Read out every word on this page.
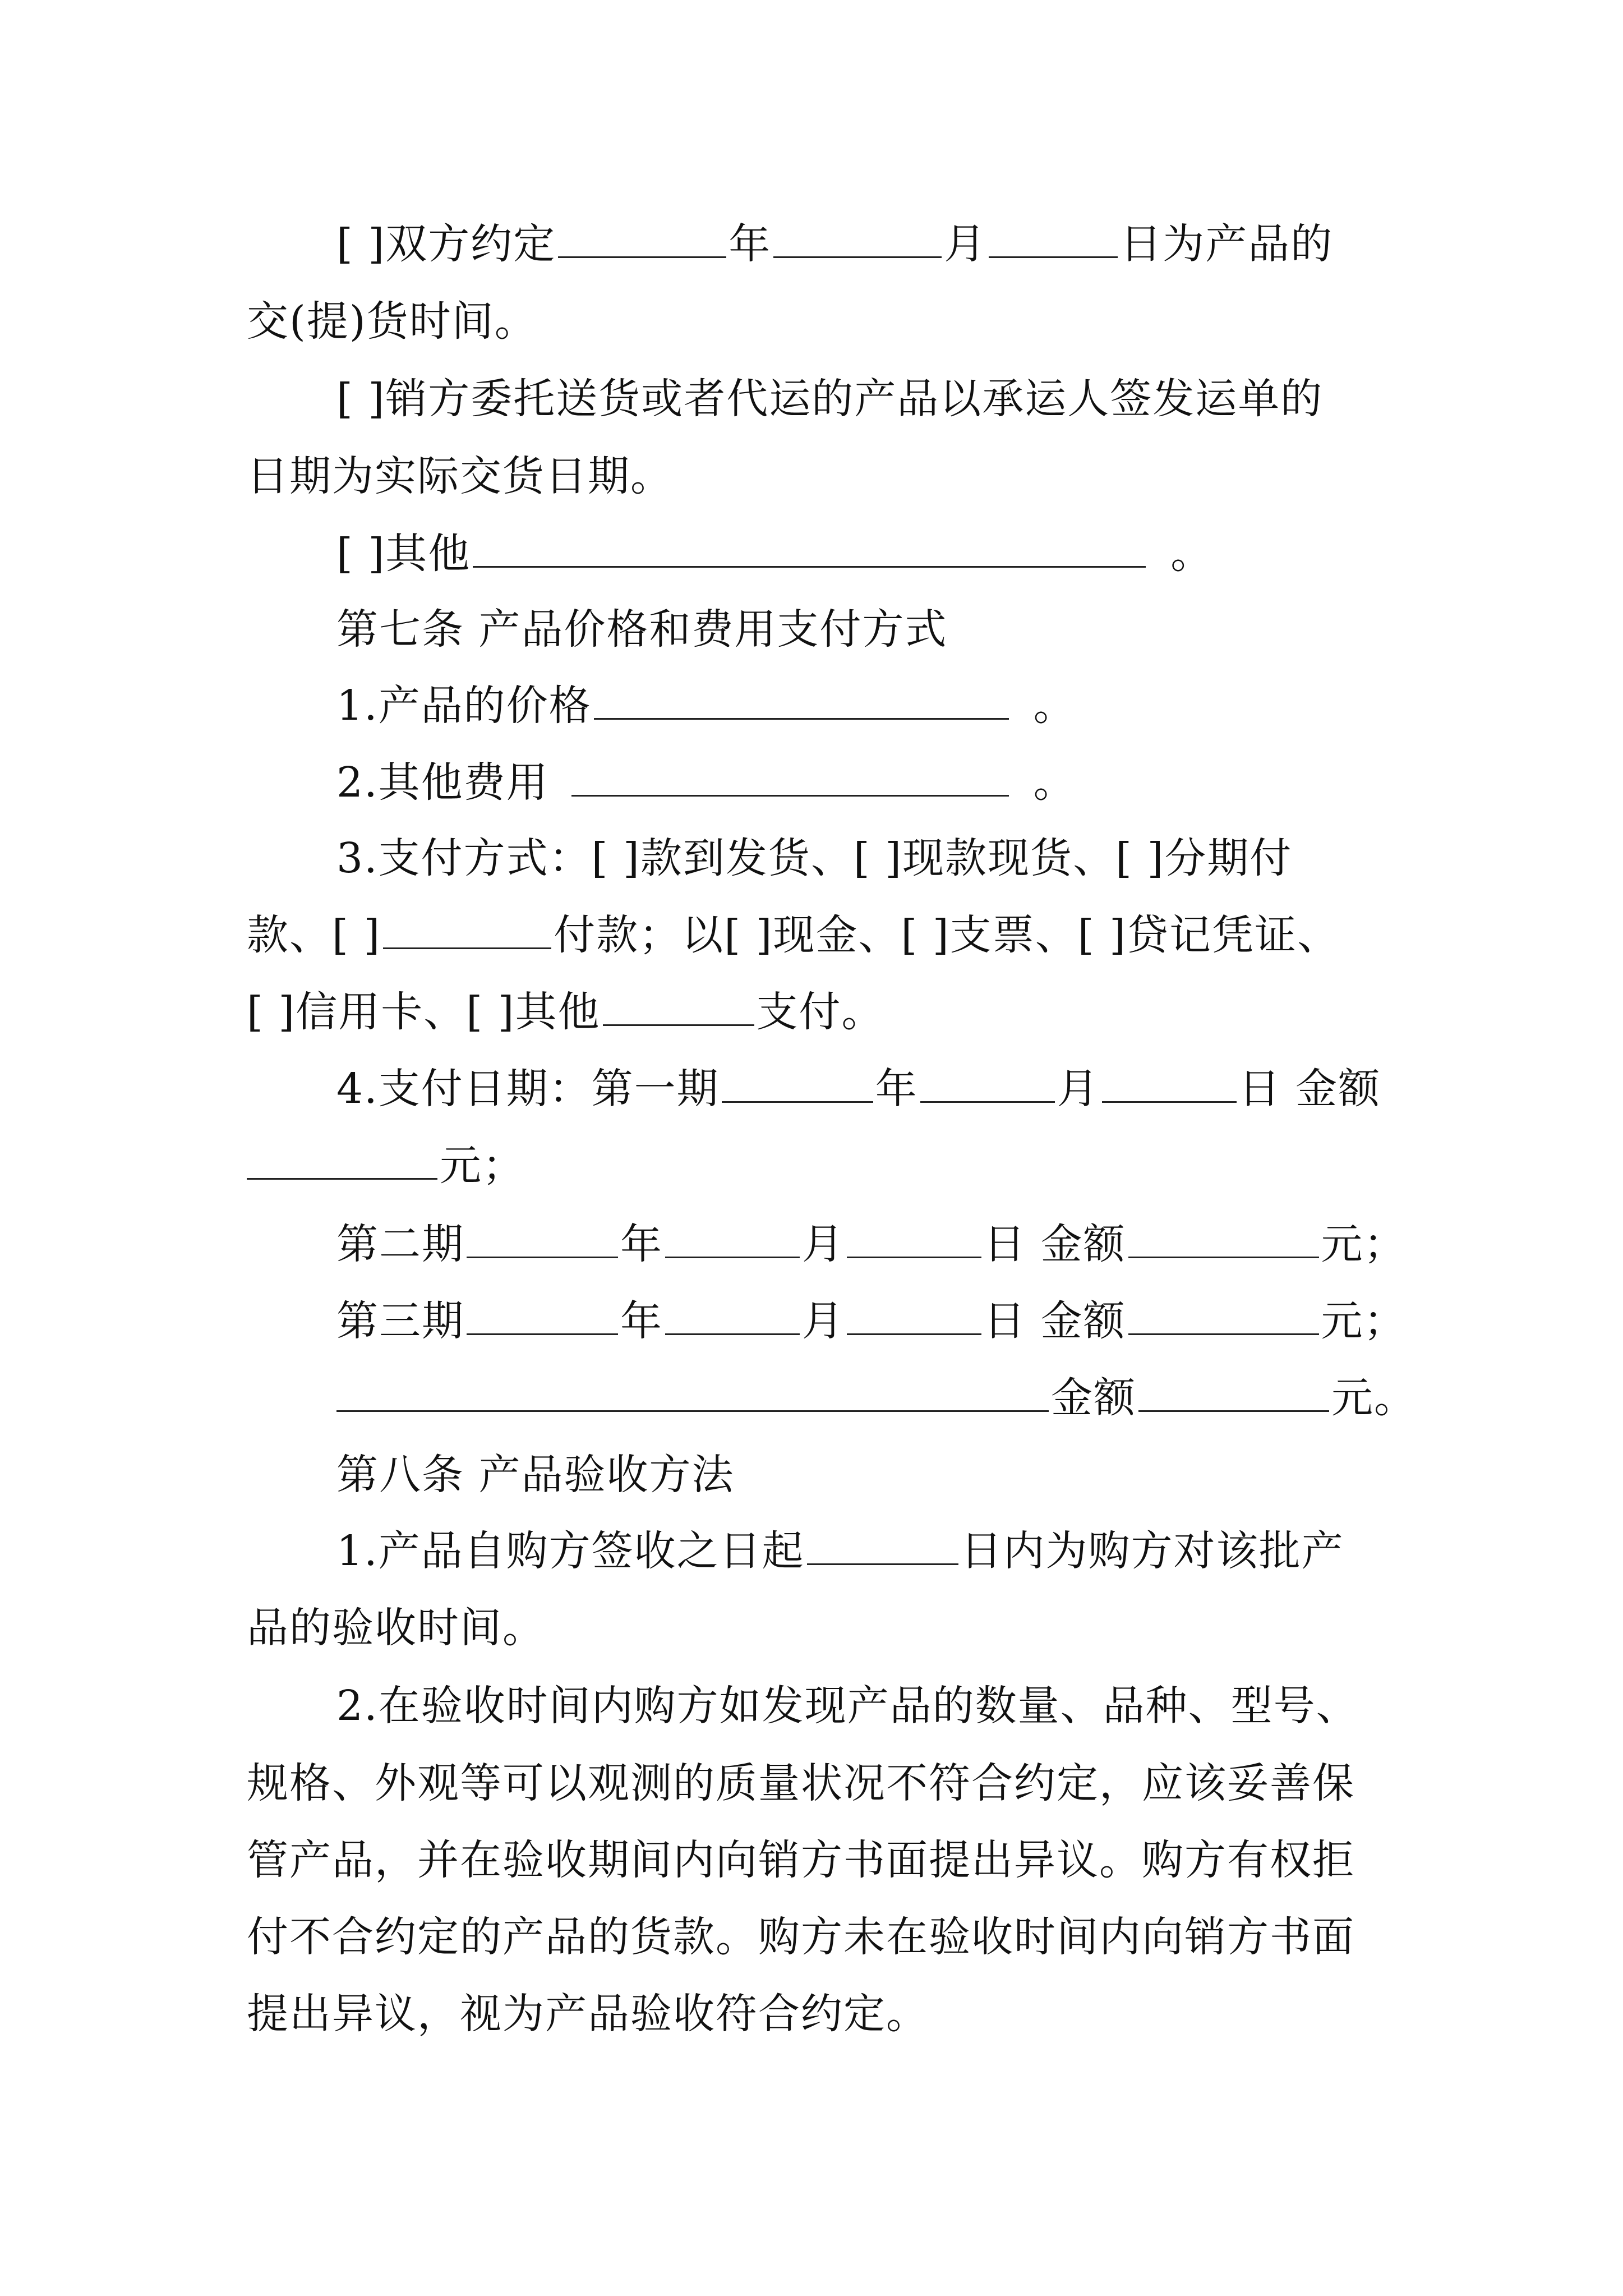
[ ]双方约定	年	月	日为产品的
交(提)货时间。
[ ]销方委托送货或者代运的产品以承运人签发运单的
日期为实际交货日期。
[ ]其他	。
第七条 产品价格和费用支付方式
1.产品的价格	。
2.其他费用	。
3.支付方式：[ ]款到发货、[ ]现款现货、[ ]分期付
款、[ ]	付款；以[ ]现金、[ ]支票、[ ]贷记凭证、
[ ]信用卡、[ ]其他	支付。
4.支付日期：第一期	年	月	日 金额
元；
第二期	年	月	日 金额	元；
第三期	年	月	日 金额	元；
金额	元。
第八条 产品验收方法
1.产品自购方签收之日起	日内为购方对该批产
品的验收时间。
2.在验收时间内购方如发现产品的数量、品种、型号、
规格、外观等可以观测的质量状况不符合约定，应该妥善保
管产品，并在验收期间内向销方书面提出异议。购方有权拒
付不合约定的产品的货款。购方未在验收时间内向销方书面
提出异议，视为产品验收符合约定。
